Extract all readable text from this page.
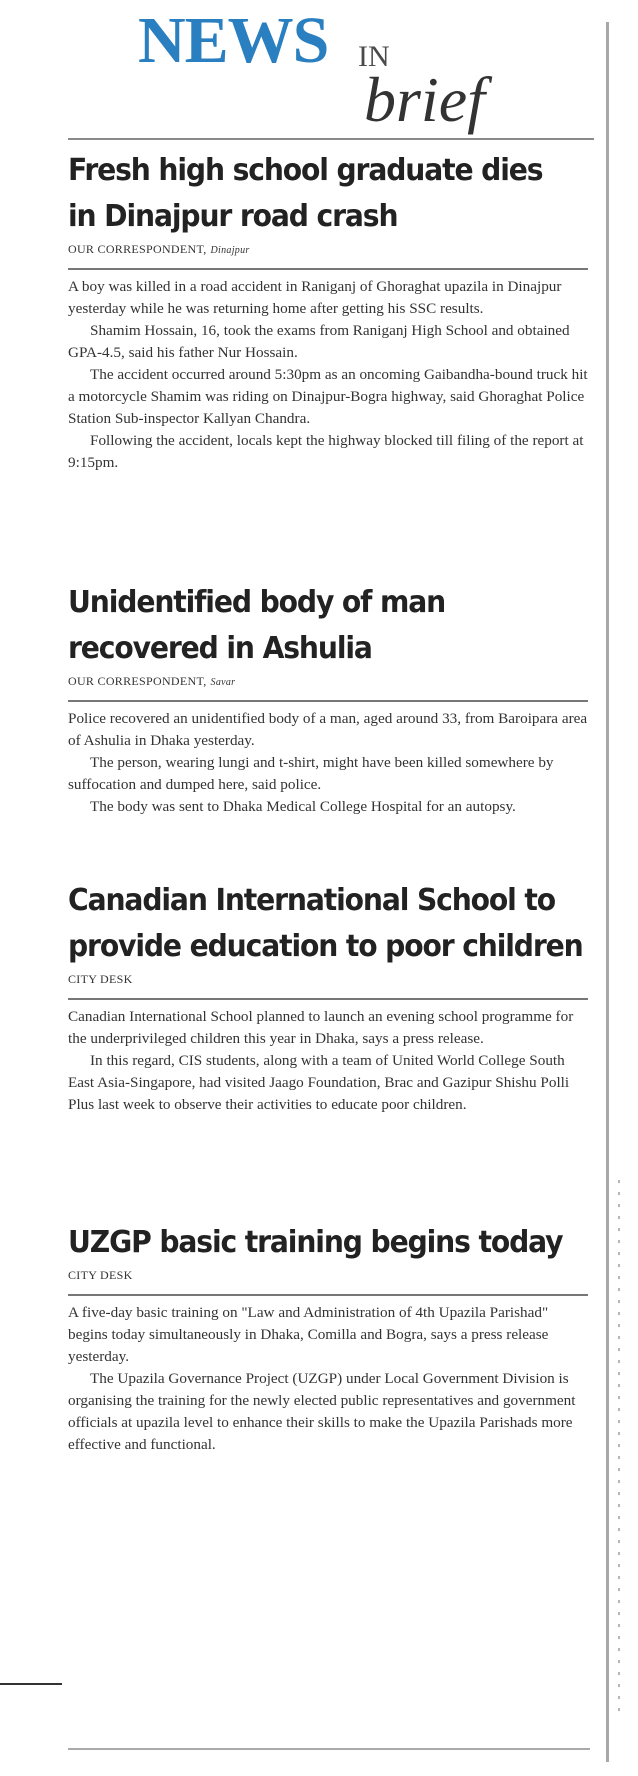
NEWS IN
brief
Fresh high school graduate dies
in Dinajpur road crash
OUR CORRESPONDENT, Dinajpur

A boy was killed in a road accident in Raniganj of Ghoraghat upazila in Dinajpur yesterday while he was returning home after getting his SSC results.

Shamim Hossain, 16, took the exams from Raniganj High School and obtained GPA-4.5, said his father Nur Hossain.

The accident occurred around 5:30pm as an oncoming Gaibandha-bound truck hit a motorcycle Shamim was riding on Dinajpur-Bogra highway, said Ghoraghat Police Station Sub-inspector Kallyan Chandra.

Following the accident, locals kept the highway blocked till filing of the report at 9:15pm.

Unidentified body of man
recovered in Ashulia
OUR CORRESPONDENT, Savar

Police recovered an unidentified body of a man, aged around 33, from Baroipara area of Ashulia in Dhaka yesterday.

The person, wearing lungi and t-shirt, might have been killed somewhere by suffocation and dumped here, said police.

The body was sent to Dhaka Medical College Hospital for an autopsy.

Canadian International School to
provide education to poor children
CITY DESK

Canadian International School planned to launch an evening school programme for the underprivileged children this year in Dhaka, says a press release.

In this regard, CIS students, along with a team of United World College South East Asia-Singapore, had visited Jaago Foundation, Brac and Gazipur Shishu Polli Plus last week to observe their activities to educate poor children.

UZGP basic training begins today
CITY DESK

A five-day basic training on "Law and Administration of 4th Upazila Parishad" begins today simultaneously in Dhaka, Comilla and Bogra, says a press release yesterday.

The Upazila Governance Project (UZGP) under Local Government Division is organising the training for the newly elected public representatives and government officials at upazila level to enhance their skills to make the Upazila Parishads more effective and functional.
